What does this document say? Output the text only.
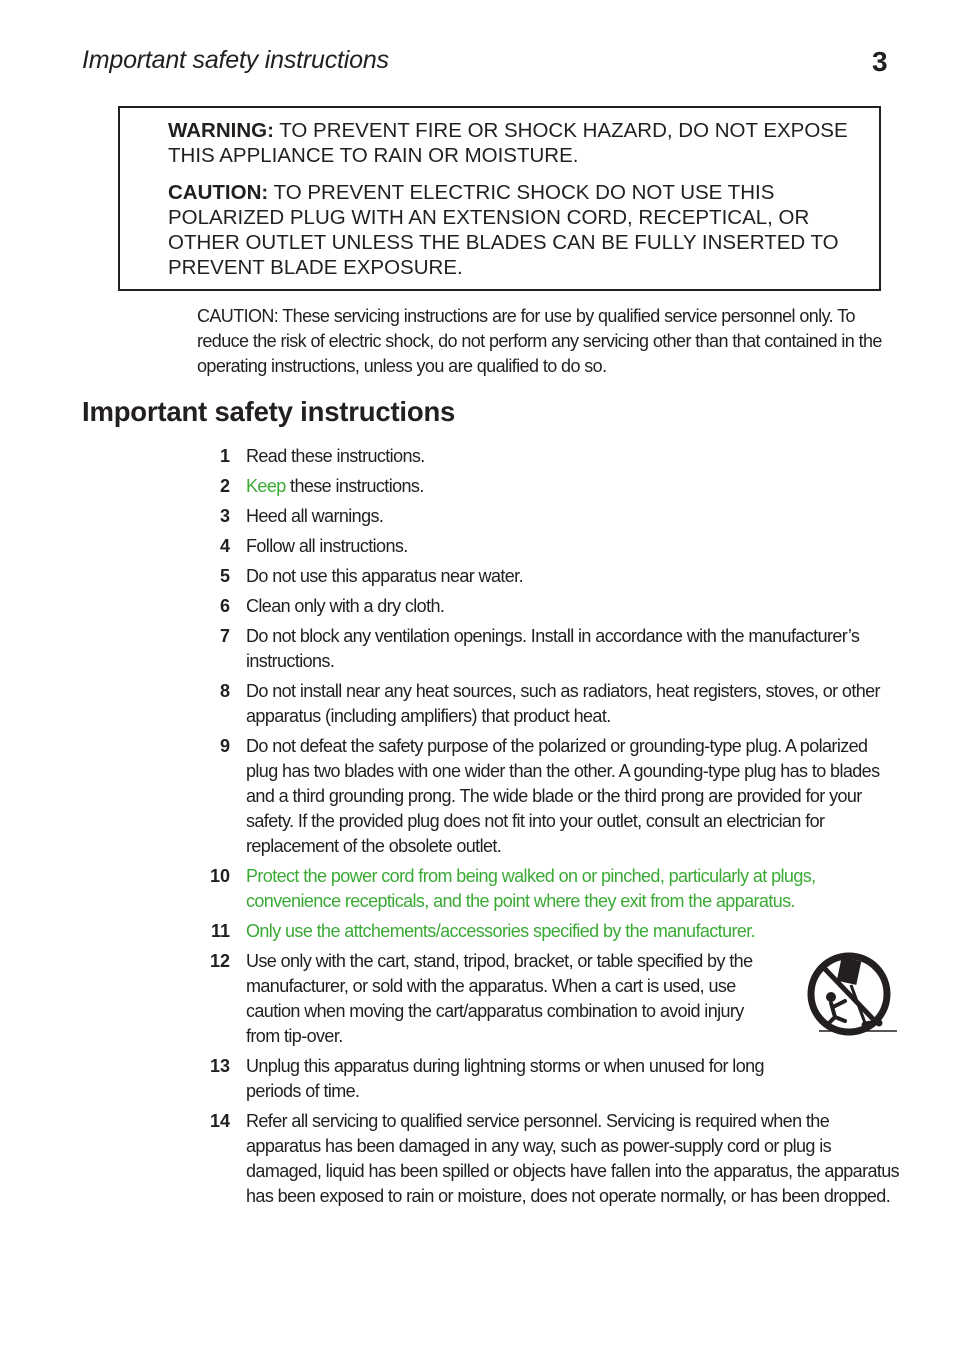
Important safety instructions	3

WARNING: TO PREVENT FIRE OR SHOCK HAZARD, DO NOT EXPOSE THIS APPLIANCE TO RAIN OR MOISTURE.

CAUTION: TO PREVENT ELECTRIC SHOCK DO NOT USE THIS POLARIZED PLUG WITH AN EXTENSION CORD, RECEPTICAL, OR OTHER OUTLET UNLESS THE BLADES CAN BE FULLY INSERTED TO PREVENT BLADE EXPOSURE.

CAUTION: These servicing instructions are for use by qualified service personnel only. To reduce the risk of electric shock, do not perform any servicing other than that contained in the operating instructions, unless you are qualified to do so.

Important safety instructions
1 Read these instructions.
2 Keep these instructions.
3 Heed all warnings.
4 Follow all instructions.
5 Do not use this apparatus near water.
6 Clean only with a dry cloth.
7 Do not block any ventilation openings. Install in accordance with the manufacturer’s instructions.
8 Do not install near any heat sources, such as radiators, heat registers, stoves, or other apparatus (including amplifiers) that product heat.
9 Do not defeat the safety purpose of the polarized or grounding-type plug. A polarized plug has two blades with one wider than the other. A gounding-type plug has to blades and a third grounding prong. The wide blade or the third prong are provided for your safety. If the provided plug does not fit into your outlet, consult an electrician for replacement of the obsolete outlet.
10 Protect the power cord from being walked on or pinched, particularly at plugs, convenience recepticals, and the point where they exit from the apparatus.
11 Only use the attchements/accessories specified by the manufacturer.
12 Use only with the cart, stand, tripod, bracket, or table specified by the manufacturer, or sold with the apparatus. When a cart is used, use caution when moving the cart/apparatus combination to avoid injury from tip-over.
13 Unplug this apparatus during lightning storms or when unused for long periods of time.
14 Refer all servicing to qualified service personnel. Servicing is required when the apparatus has been damaged in any way, such as power-supply cord or plug is damaged, liquid has been spilled or objects have fallen into the apparatus, the apparatus has been exposed to rain or moisture, does not operate normally, or has been dropped.
